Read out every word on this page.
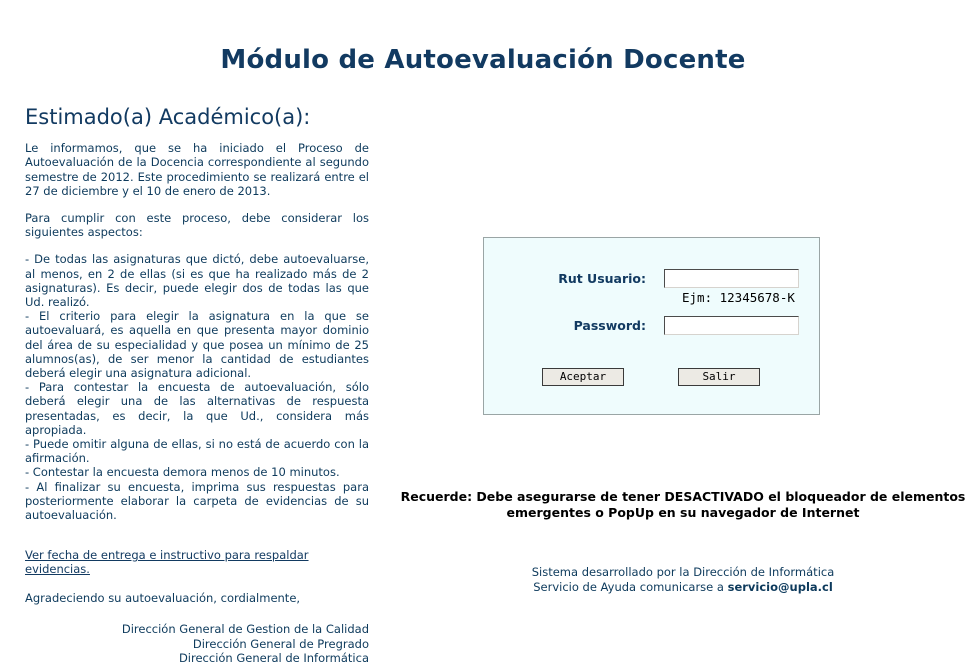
Módulo de Autoevaluación Docente
Estimado(a) Académico(a):

Le informamos, que se ha iniciado el Proceso de Autoevaluación de la Docencia correspondiente al segundo semestre de 2012. Este procedimiento se realizará entre el 27 de diciembre y el 10 de enero de 2013.

Para cumplir con este proceso, debe considerar los siguientes aspectos:

- De todas las asignaturas que dictó, debe autoevaluarse, al menos, en 2 de ellas (si es que ha realizado más de 2 asignaturas). Es decir, puede elegir dos de todas las que Ud. realizó.

- El criterio para elegir la asignatura en la que se autoevaluará, es aquella en que presenta mayor dominio del área de su especialidad y que posea un mínimo de 25 alumnos(as), de ser menor la cantidad de estudiantes deberá elegir una asignatura adicional.

- Para contestar la encuesta de autoevaluación, sólo deberá elegir una de las alternativas de respuesta presentadas, es decir, la que Ud., considera más apropiada.

- Puede omitir alguna de ellas, si no está de acuerdo con la afirmación.

- Contestar la encuesta demora menos de 10 minutos.

- Al finalizar su encuesta, imprima sus respuestas para posteriormente elaborar la carpeta de evidencias de su autoevaluación.

Ver fecha de entrega e instructivo para respaldar evidencias.
Agradeciendo su autoevaluación, cordialmente,
Dirección General de Gestion de la Calidad
Dirección General de Pregrado
Dirección General de Informática
Rut Usuario:
Ejm: 12345678-K
Password:
Aceptar	Salir
Recuerde: Debe asegurarse de tener DESACTIVADO el bloqueador de elementos
emergentes o PopUp en su navegador de Internet
Sistema desarrollado por la Dirección de Informática
Servicio de Ayuda comunicarse a servicio@upla.cl
